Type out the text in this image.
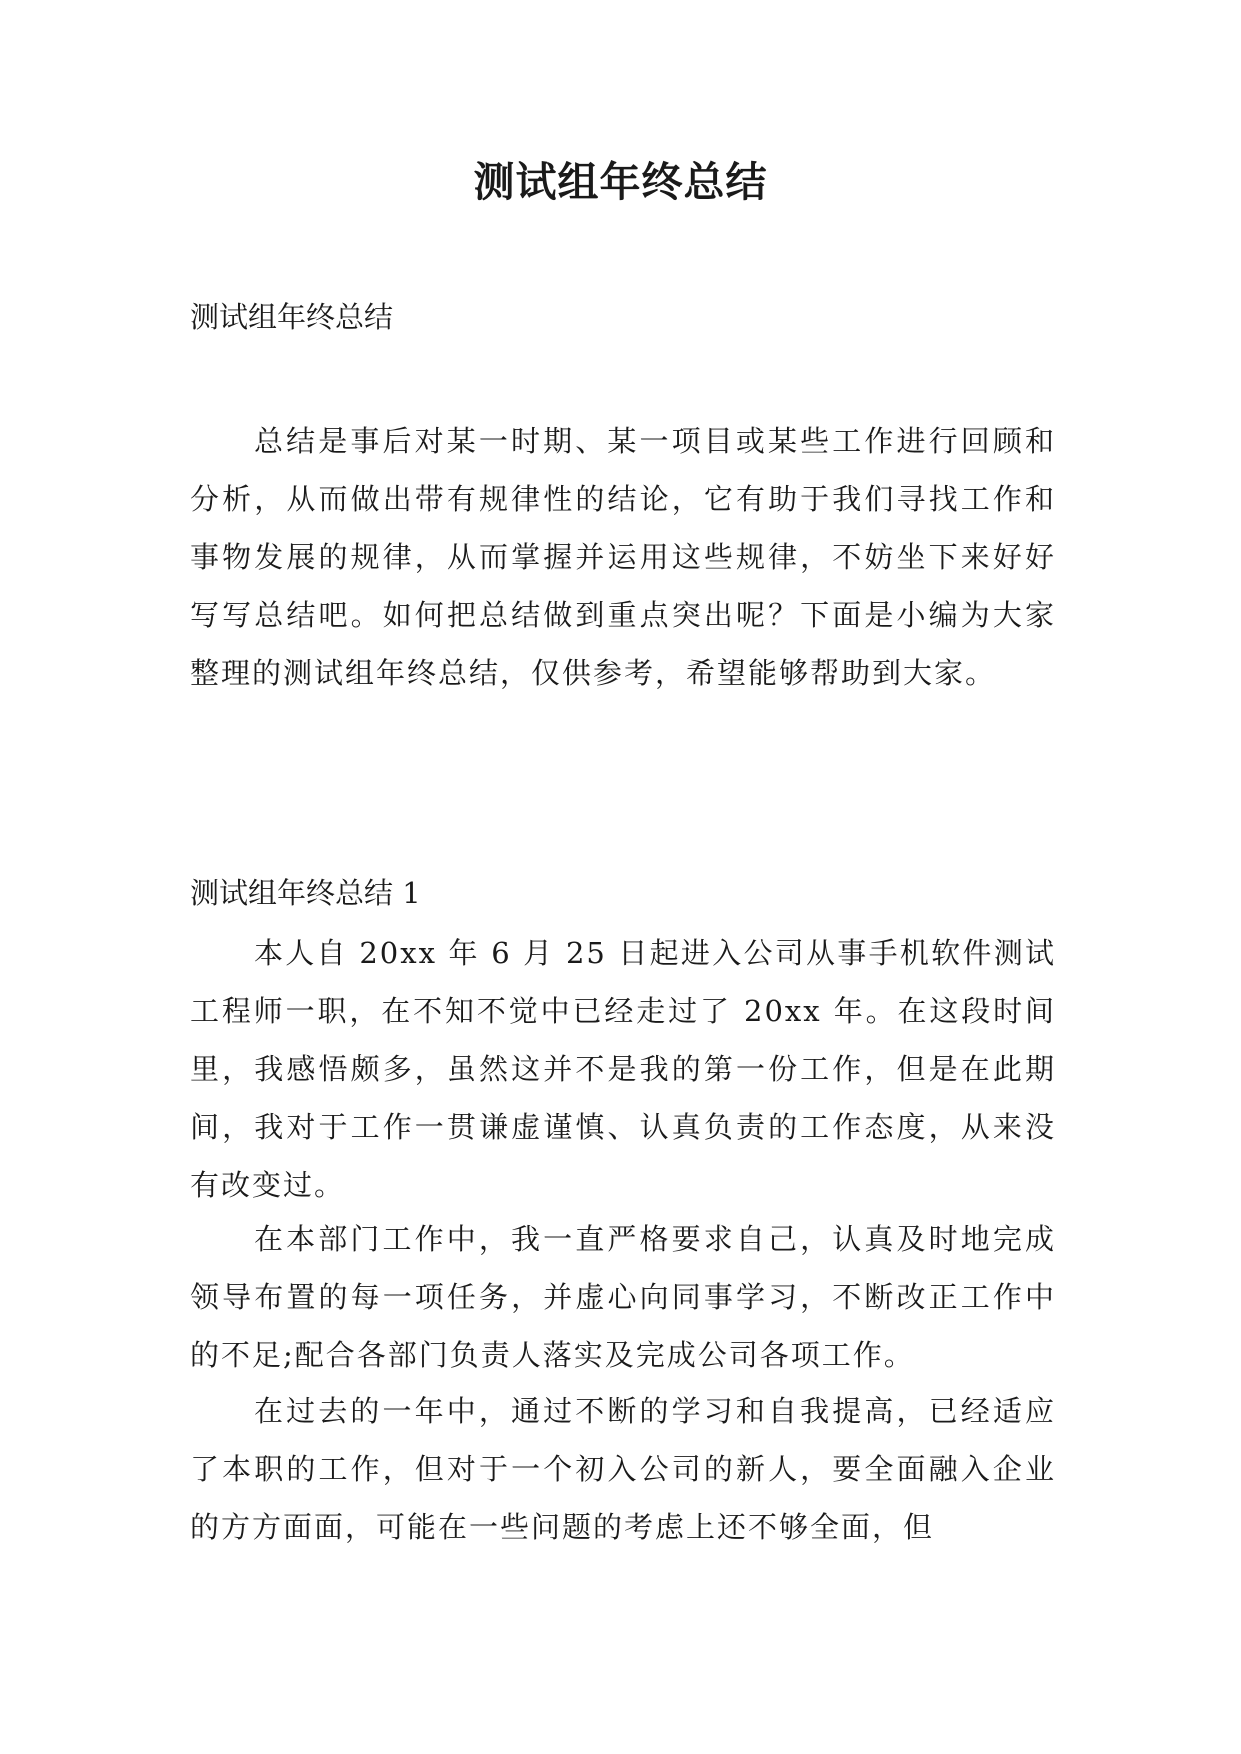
测试组年终总结

测试组年终总结

总结是事后对某一时期、某一项目或某些工作进行回顾和分析，从而做出带有规律性的结论，它有助于我们寻找工作和事物发展的规律，从而掌握并运用这些规律，不妨坐下来好好写写总结吧。如何把总结做到重点突出呢？下面是小编为大家整理的测试组年终总结，仅供参考，希望能够帮助到大家。

测试组年终总结 1

本人自 20xx 年 6 月 25 日起进入公司从事手机软件测试工程师一职，在不知不觉中已经走过了 20xx 年。在这段时间里，我感悟颇多，虽然这并不是我的第一份工作，但是在此期间，我对于工作一贯谦虚谨慎、认真负责的工作态度，从来没有改变过。

在本部门工作中，我一直严格要求自己，认真及时地完成领导布置的每一项任务，并虚心向同事学习，不断改正工作中的不足;配合各部门负责人落实及完成公司各项工作。

在过去的一年中，通过不断的学习和自我提高，已经适应了本职的工作，但对于一个初入公司的新人，要全面融入企业的方方面面，可能在一些问题的考虑上还不够全面，但
